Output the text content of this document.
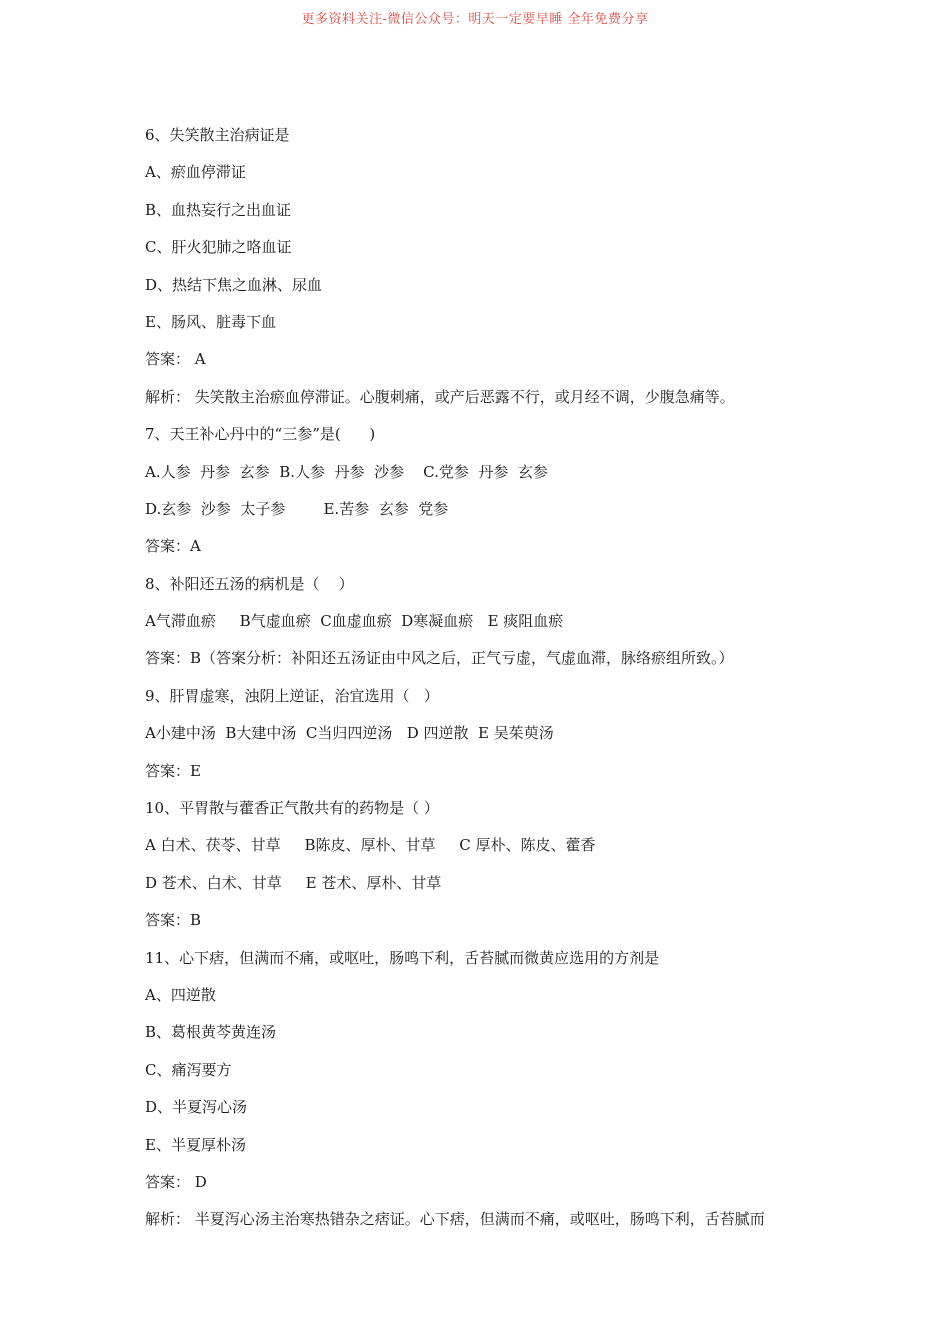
更多资料关注-微信公众号：明天一定要早睡 全年免费分享
6、失笑散主治病证是
A、瘀血停滞证
B、血热妄行之出血证
C、肝火犯肺之咯血证
D、热结下焦之血淋、尿血
E、肠风、脏毒下血
答案： A
解析： 失笑散主治瘀血停滞证。心腹刺痛，或产后恶露不行，或月经不调，少腹急痛等。
7、天王补心丹中的“三参”是(      )
A.人参  丹参  玄参  B.人参  丹参  沙参    C.党参  丹参  玄参
D.玄参  沙参  太子参        E.苦参  玄参  党参
答案：A
8、补阳还五汤的病机是（    ）
A气滞血瘀     B气虚血瘀  C血虚血瘀  D寒凝血瘀   E 痰阻血瘀
答案：B（答案分析：补阳还五汤证由中风之后，正气亏虚，气虚血滞，脉络瘀组所致。）
9、肝胃虚寒，浊阴上逆证，治宜选用（   ）
A小建中汤  B大建中汤  C当归四逆汤   D 四逆散  E 吴茱萸汤
答案：E
10、平胃散与藿香正气散共有的药物是（ ）
A 白术、茯苓、甘草     B陈皮、厚朴、甘草     C 厚朴、陈皮、藿香
D 苍术、白术、甘草     E 苍术、厚朴、甘草
答案：B
11、心下痞，但满而不痛，或呕吐，肠鸣下利，舌苔腻而微黄应选用的方剂是
A、四逆散
B、葛根黄芩黄连汤
C、痛泻要方
D、半夏泻心汤
E、半夏厚朴汤
答案： D
解析： 半夏泻心汤主治寒热错杂之痞证。心下痞，但满而不痛，或呕吐，肠鸣下利，舌苔腻而
